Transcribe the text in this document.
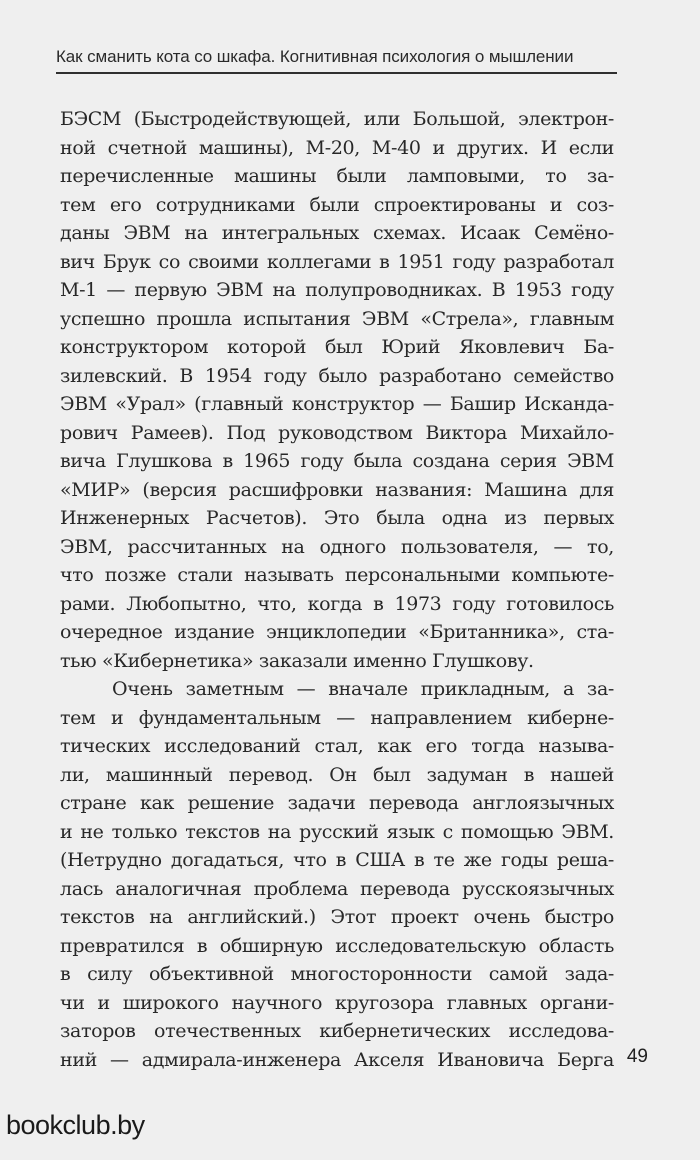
Как сманить кота со шкафа. Когнитивная психология о мышлении
БЭСМ (Быстродействующей, или Большой, электрон-
ной счетной машины), М-20, М-40 и других. И если
перечисленные машины были ламповыми, то за-
тем его сотрудниками были спроектированы и соз-
даны ЭВМ на интегральных схемах. Исаак Семёно-
вич Брук со своими коллегами в 1951 году разработал
М-1 — первую ЭВМ на полупроводниках. В 1953 году
успешно прошла испытания ЭВМ «Стрела», главным
конструктором которой был Юрий Яковлевич Ба-
зилевский. В 1954 году было разработано семейство
ЭВМ «Урал» (главный конструктор — Башир Исканда-
рович Рамеев). Под руководством Виктора Михайло-
вича Глушкова в 1965 году была создана серия ЭВМ
«МИР» (версия расшифровки названия: Машина для
Инженерных Расчетов). Это была одна из первых
ЭВМ, рассчитанных на одного пользователя, — то,
что позже стали называть персональными компьюте-
рами. Любопытно, что, когда в 1973 году готовилось
очередное издание энциклопедии «Британника», ста-
тью «Кибернетика» заказали именно Глушкову.
Очень заметным — вначале прикладным, а за-
тем и фундаментальным — направлением киберне-
тических исследований стал, как его тогда называ-
ли, машинный перевод. Он был задуман в нашей
стране как решение задачи перевода англоязычных
и не только текстов на русский язык с помощью ЭВМ.
(Нетрудно догадаться, что в США в те же годы реша-
лась аналогичная проблема перевода русскоязычных
текстов на английский.) Этот проект очень быстро
превратился в обширную исследовательскую область
в силу объективной многосторонности самой зада-
чи и широкого научного кругозора главных органи-
заторов отечественных кибернетических исследова-
ний — адмирала-инженера Акселя Ивановича Берга 49
bookclub.by
